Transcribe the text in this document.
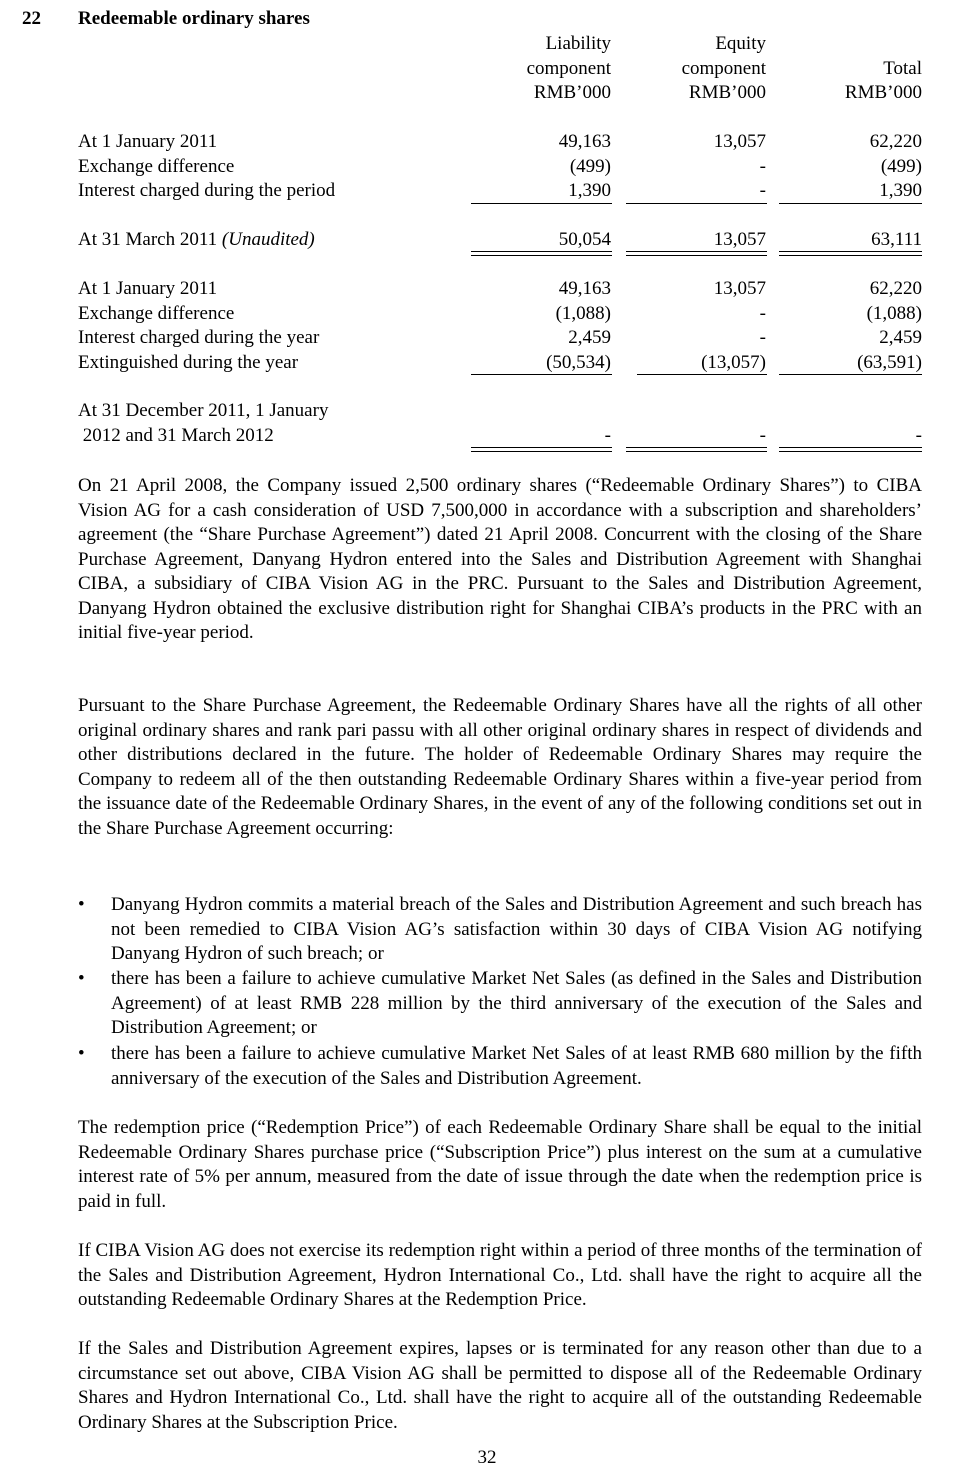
22 Redeemable ordinary shares
Liability
component
RMB’000
Equity
component
RMB’000
Total
RMB’000
At 1 January 2011	49,163	13,057	62,220
Exchange difference	(499)	-	(499)
Interest charged during the period	1,390	-	1,390
At 31 March 2011 (Unaudited)	50,054	13,057	63,111
At 1 January 2011	49,163	13,057	62,220
Exchange difference	(1,088)	-	(1,088)
Interest charged during the year	2,459	-	2,459
Extinguished during the year	(50,534)	(13,057)	(63,591)
At 31 December 2011, 1 January
2012 and 31 March 2012	-	-	-
On 21 April 2008, the Company issued 2,500 ordinary shares (“Redeemable Ordinary Shares”) to CIBA Vision AG for a cash consideration of USD 7,500,000 in accordance with a subscription and shareholders’ agreement (the “Share Purchase Agreement”) dated 21 April 2008. Concurrent with the closing of the Share Purchase Agreement, Danyang Hydron entered into the Sales and Distribution Agreement with Shanghai CIBA, a subsidiary of CIBA Vision AG in the PRC. Pursuant to the Sales and Distribution Agreement, Danyang Hydron obtained the exclusive distribution right for Shanghai CIBA’s products in the PRC with an initial five-year period.
Pursuant to the Share Purchase Agreement, the Redeemable Ordinary Shares have all the rights of all other original ordinary shares and rank pari passu with all other original ordinary shares in respect of dividends and other distributions declared in the future. The holder of Redeemable Ordinary Shares may require the Company to redeem all of the then outstanding Redeemable Ordinary Shares within a five-year period from the issuance date of the Redeemable Ordinary Shares, in the event of any of the following conditions set out in the Share Purchase Agreement occurring:
• Danyang Hydron commits a material breach of the Sales and Distribution Agreement and such breach has not been remedied to CIBA Vision AG’s satisfaction within 30 days of CIBA Vision AG notifying Danyang Hydron of such breach; or
• there has been a failure to achieve cumulative Market Net Sales (as defined in the Sales and Distribution Agreement) of at least RMB 228 million by the third anniversary of the execution of the Sales and Distribution Agreement; or
• there has been a failure to achieve cumulative Market Net Sales of at least RMB 680 million by the fifth anniversary of the execution of the Sales and Distribution Agreement.
The redemption price (“Redemption Price”) of each Redeemable Ordinary Share shall be equal to the initial Redeemable Ordinary Shares purchase price (“Subscription Price”) plus interest on the sum at a cumulative interest rate of 5% per annum, measured from the date of issue through the date when the redemption price is paid in full.
If CIBA Vision AG does not exercise its redemption right within a period of three months of the termination of the Sales and Distribution Agreement, Hydron International Co., Ltd. shall have the right to acquire all the outstanding Redeemable Ordinary Shares at the Redemption Price.
If the Sales and Distribution Agreement expires, lapses or is terminated for any reason other than due to a circumstance set out above, CIBA Vision AG shall be permitted to dispose all of the Redeemable Ordinary Shares and Hydron International Co., Ltd. shall have the right to acquire all of the outstanding Redeemable Ordinary Shares at the Subscription Price.
32
